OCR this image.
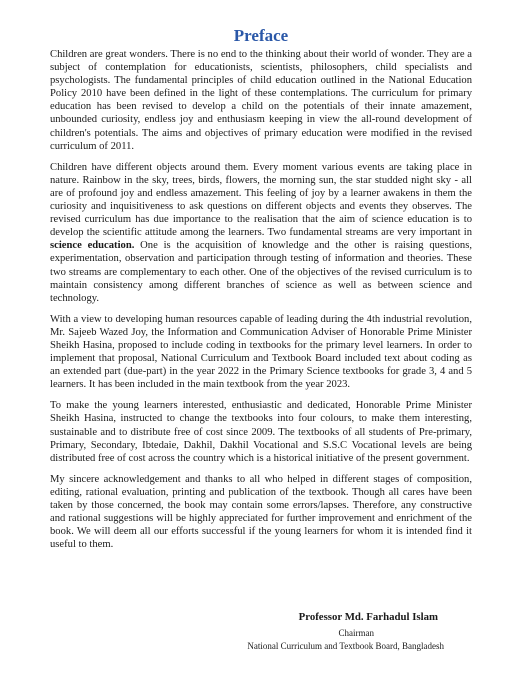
Preface

Children are great wonders. There is no end to the thinking about their world of wonder. They are a subject of contemplation for educationists, scientists, philosophers, child specialists and psychologists. The fundamental principles of child education outlined in the National Education Policy 2010 have been defined in the light of these contemplations. The curriculum for primary education has been revised to develop a child on the potentials of their innate amazement, unbounded curiosity, endless joy and enthusiasm keeping in view the all-round development of children's potentials. The aims and objectives of primary education were modified in the revised curriculum of 2011.

Children have different objects around them. Every moment various events are taking place in nature. Rainbow in the sky, trees, birds, flowers, the morning sun, the star studded night sky - all are of profound joy and endless amazement. This feeling of joy by a learner awakens in them the curiosity and inquisitiveness to ask questions on different objects and events they observes. The revised curriculum has due importance to the realisation that the aim of science education is to develop the scientific attitude among the learners. Two fundamental streams are very important in science education. One is the acquisition of knowledge and the other is raising questions, experimentation, observation and participation through testing of information and theories. These two streams are complementary to each other. One of the objectives of the revised curriculum is to maintain consistency among different branches of science as well as between science and technology.

With a view to developing human resources capable of leading during the 4th industrial revolution, Mr. Sajeeb Wazed Joy, the Information and Communication Adviser of Honorable Prime Minister Sheikh Hasina, proposed to include coding in textbooks for the primary level learners. In order to implement that proposal, National Curriculum and Textbook Board included text about coding as an extended part (due-part) in the year 2022 in the Primary Science textbooks for grade 3, 4 and 5 learners. It has been included in the main textbook from the year 2023.

To make the young learners interested, enthusiastic and dedicated, Honorable Prime Minister Sheikh Hasina, instructed to change the textbooks into four colours, to make them interesting, sustainable and to distribute free of cost since 2009. The textbooks of all students of Pre-primary, Primary, Secondary, Ibtedaie, Dakhil, Dakhil Vocational and S.S.C Vocational levels are being distributed free of cost across the country which is a historical initiative of the present government.

My sincere acknowledgement and thanks to all who helped in different stages of composition, editing, rational evaluation, printing and publication of the textbook. Though all cares have been taken by those concerned, the book may contain some errors/lapses. Therefore, any constructive and rational suggestions will be highly appreciated for further improvement and enrichment of the book. We will deem all our efforts successful if the young learners for whom it is intended find it useful to them.

Professor Md. Farhadul Islam
Chairman
National Curriculum and Textbook Board, Bangladesh
